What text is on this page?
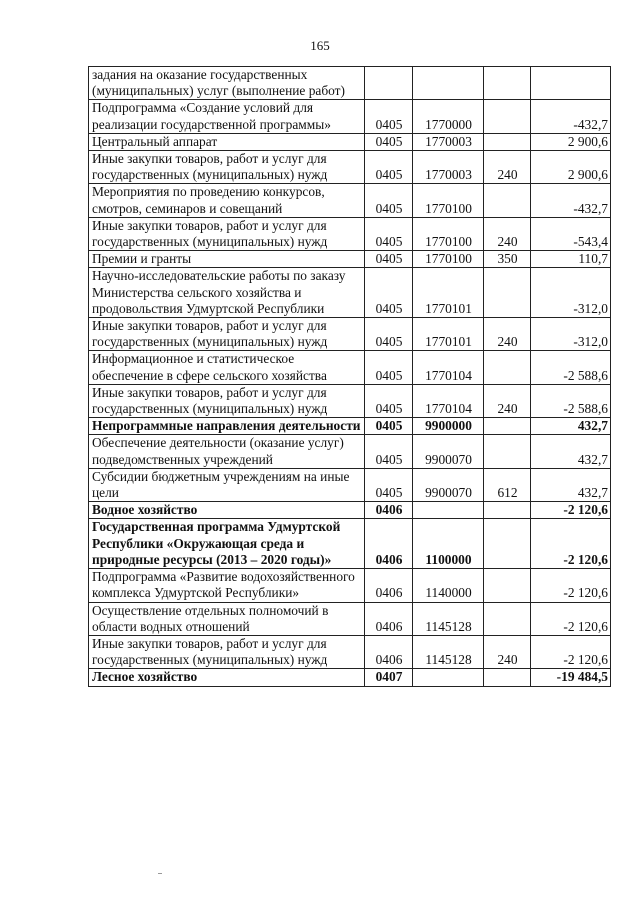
165
задания на оказание государственных (муниципальных) услуг (выполнение работ)				
Подпрограмма «Создание условий для реализации государственной программы»	0405	1770000		-432,7
Центральный аппарат	0405	1770003		2 900,6
Иные закупки товаров, работ и услуг для государственных (муниципальных) нужд	0405	1770003	240	2 900,6
Мероприятия по проведению конкурсов, смотров, семинаров и совещаний	0405	1770100		-432,7
Иные закупки товаров, работ и услуг для государственных (муниципальных) нужд	0405	1770100	240	-543,4
Премии и гранты	0405	1770100	350	110,7
Научно-исследовательские работы по заказу Министерства сельского хозяйства и продовольствия Удмуртской Республики	0405	1770101		-312,0
Иные закупки товаров, работ и услуг для государственных (муниципальных) нужд	0405	1770101	240	-312,0
Информационное и статистическое обеспечение в сфере сельского хозяйства	0405	1770104		-2 588,6
Иные закупки товаров, работ и услуг для государственных (муниципальных) нужд	0405	1770104	240	-2 588,6
Непрограммные направления деятельности	0405	9900000		432,7
Обеспечение деятельности (оказание услуг) подведомственных учреждений	0405	9900070		432,7
Субсидии бюджетным учреждениям на иные цели	0405	9900070	612	432,7
Водное хозяйство	0406			-2 120,6
Государственная программа Удмуртской Республики «Окружающая среда и природные ресурсы (2013 – 2020 годы)»	0406	1100000		-2 120,6
Подпрограмма «Развитие водохозяйственного комплекса Удмуртской Республики»	0406	1140000		-2 120,6
Осуществление отдельных полномочий в области водных отношений	0406	1145128		-2 120,6
Иные закупки товаров, работ и услуг для государственных (муниципальных) нужд	0406	1145128	240	-2 120,6
Лесное хозяйство	0407			-19 484,5
